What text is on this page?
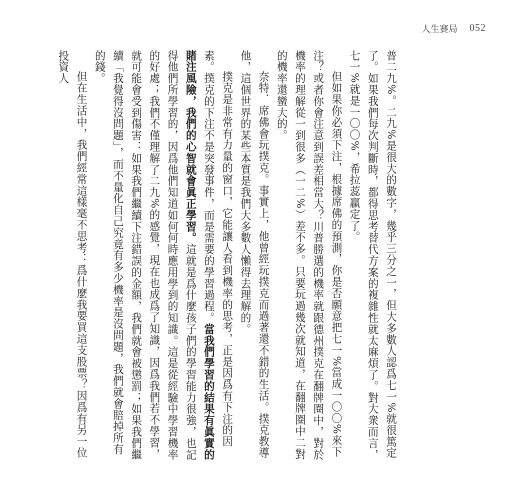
人生賽局 052

普二九%。二九%是很大的數字，幾乎三分之一，但大多數人認爲七一%就很篤定了。如果我們每次判斷時，都得思考替代方案的複雜性就太麻煩了。對大衆而言，七一%就是一〇〇%，希拉蕊贏定了。

但如果你必須下注，根據席佛的預測，你是否願意把七一%當成一〇〇%來下注？或者你會注意到誤差相當大？川普勝選的機率就跟德州撲克在翻牌圈中，對於機率的理解從一到很多（一二%）差不多。只要玩過幾次就知道，在翻牌圈中二對的機率還蠻大的。

奈特．席佛會玩撲克。事實上，他曾經玩撲克而過著還不錯的生活。撲克教導他，這個世界的某些本質是我們大多數人懶得去理解的。

撲克是非常有力量的窗口，它能讓人看到機率的思考，正是因爲有下注的因素。撲克的下注不是突發事件，而是需要的學習過程。當我們學習的結果有眞實的賭注風險，我們的心智就會眞正學習。這就是爲什麼孩子們的學習能力很強，也記得他們所學習的，因爲他們知道如何何時應用學到的知識。這是從經驗中學習機率的好處；我們不僅理解了二九%的感覺，現在也成爲了知識，因爲我們若不學習，就可能會受到傷害：如果我們繼續下注錯誤的金額，我們就會被懲罰；如果我們繼續「我覺得沒問題」，而不量化自己究竟有多少機率是沒問題，我們就會賠掉所有的錢。

但在生活中，我們經常這樣毫不思考：爲什麼我要買這支股票？因爲有另一位投資人
